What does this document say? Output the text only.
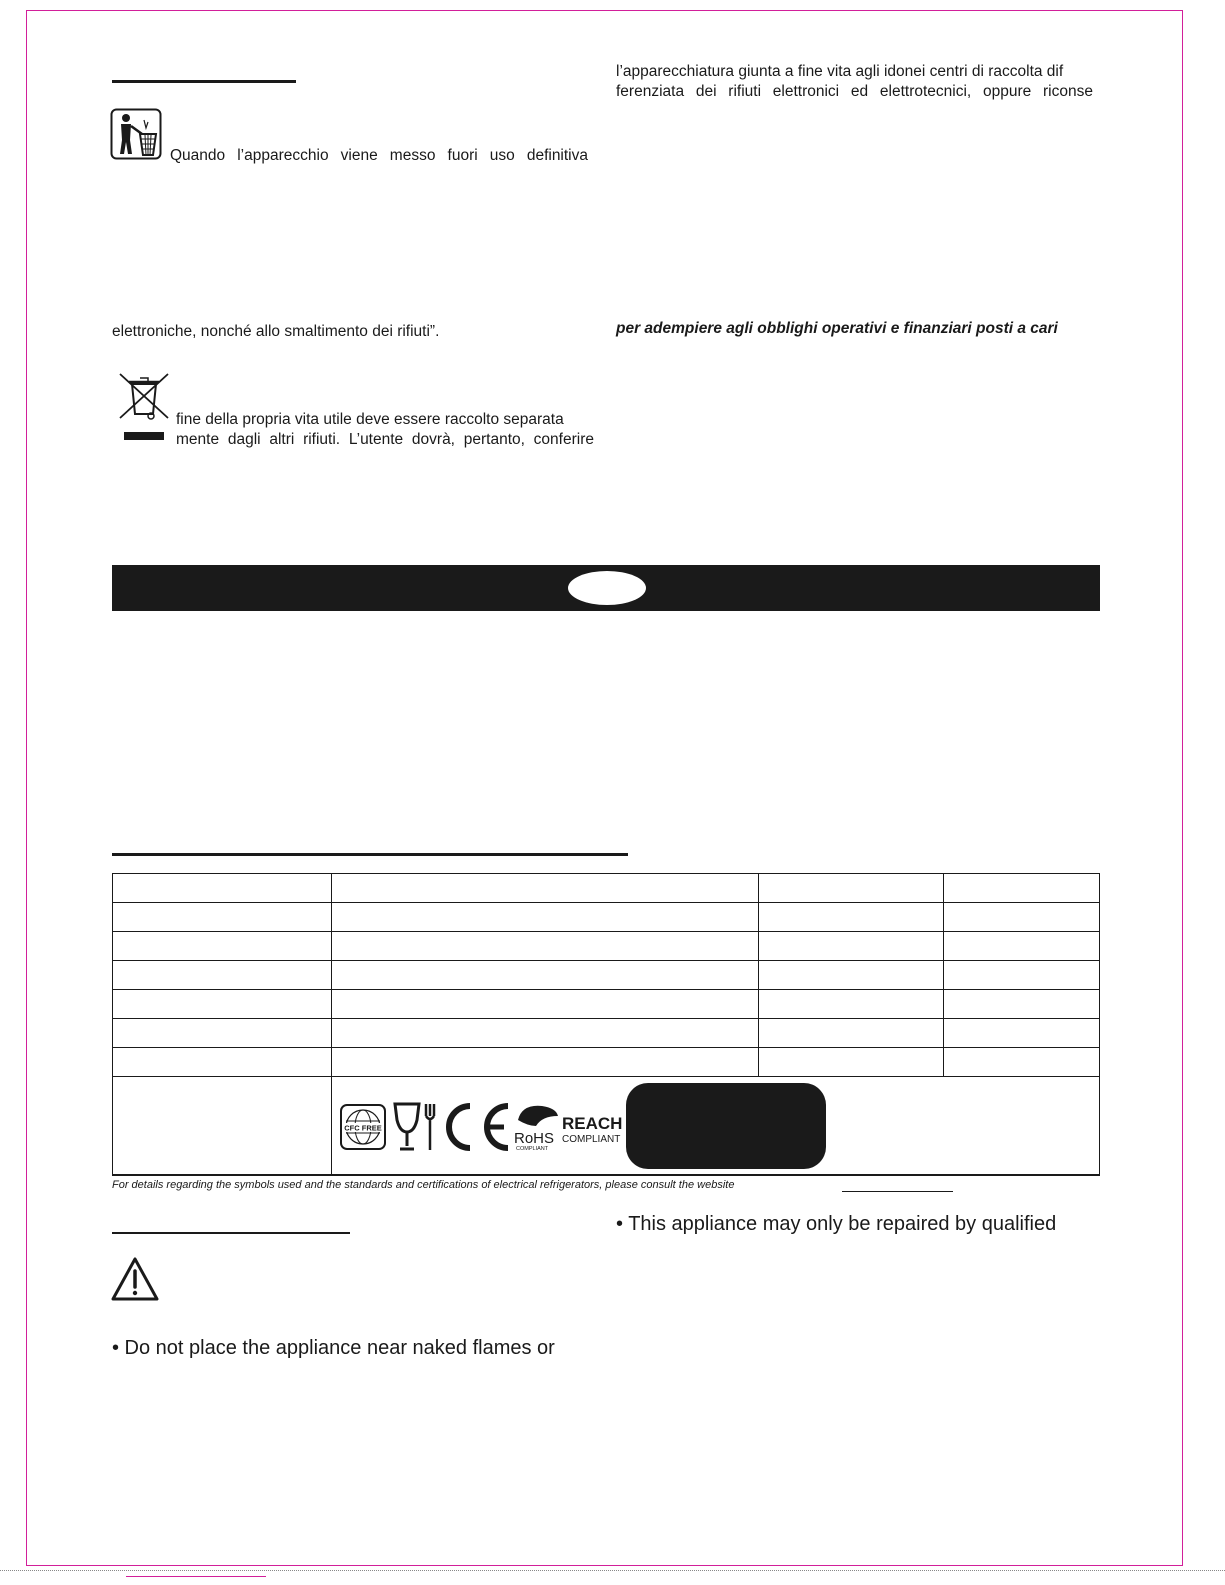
Quando l’apparecchio viene messo fuori uso definitiva
elettroniche, nonché allo smaltimento dei rifiuti”.
fine della propria vita utile deve essere raccolto separata
mente dagli altri rifiuti. L’utente dovrà, pertanto, conferire
l’apparecchiatura giunta a fine vita agli idonei centri di raccolta dif
ferenziata dei rifiuti elettronici ed elettrotecnici, oppure riconse
per adempiere agli obblighi operativi e finanziari posti a cari

CFC FREE
RoHS
COMPLIANT
REACH
COMPLIANT
For details regarding the symbols used and the standards and certifications of electrical refrigerators, please consult the website
• This appliance may only be repaired by qualified
• Do not place the appliance near naked flames or
